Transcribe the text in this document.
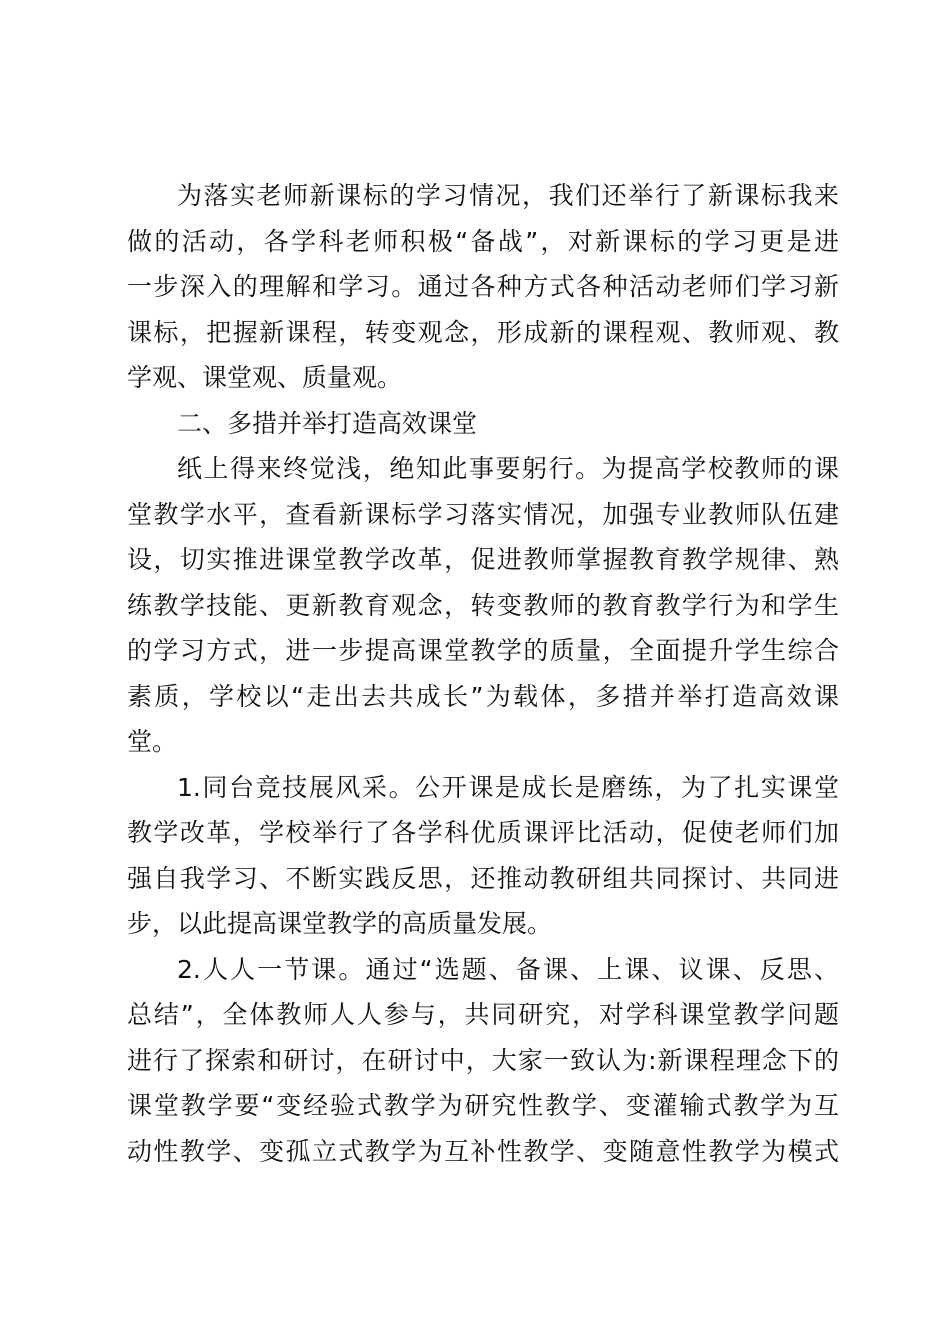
为落实老师新课标的学习情况，我们还举行了新课标我来
做的活动，各学科老师积极“备战”，对新课标的学习更是进
一步深入的理解和学习。通过各种方式各种活动老师们学习新
课标，把握新课程，转变观念，形成新的课程观、教师观、教
学观、课堂观、质量观。
二、多措并举打造高效课堂
纸上得来终觉浅，绝知此事要躬行。为提高学校教师的课
堂教学水平，查看新课标学习落实情况，加强专业教师队伍建
设，切实推进课堂教学改革，促进教师掌握教育教学规律、熟
练教学技能、更新教育观念，转变教师的教育教学行为和学生
的学习方式，进一步提高课堂教学的质量，全面提升学生综合
素质，学校以“走出去共成长”为载体，多措并举打造高效课
堂。
1.同台竞技展风采。公开课是成长是磨练，为了扎实课堂
教学改革，学校举行了各学科优质课评比活动，促使老师们加
强自我学习、不断实践反思，还推动教研组共同探讨、共同进
步，以此提高课堂教学的高质量发展。
2.人人一节课。通过“选题、备课、上课、议课、反思、
总结”，全体教师人人参与，共同研究，对学科课堂教学问题
进行了探索和研讨，在研讨中，大家一致认为:新课程理念下的
课堂教学要“变经验式教学为研究性教学、变灌输式教学为互
动性教学、变孤立式教学为互补性教学、变随意性教学为模式
